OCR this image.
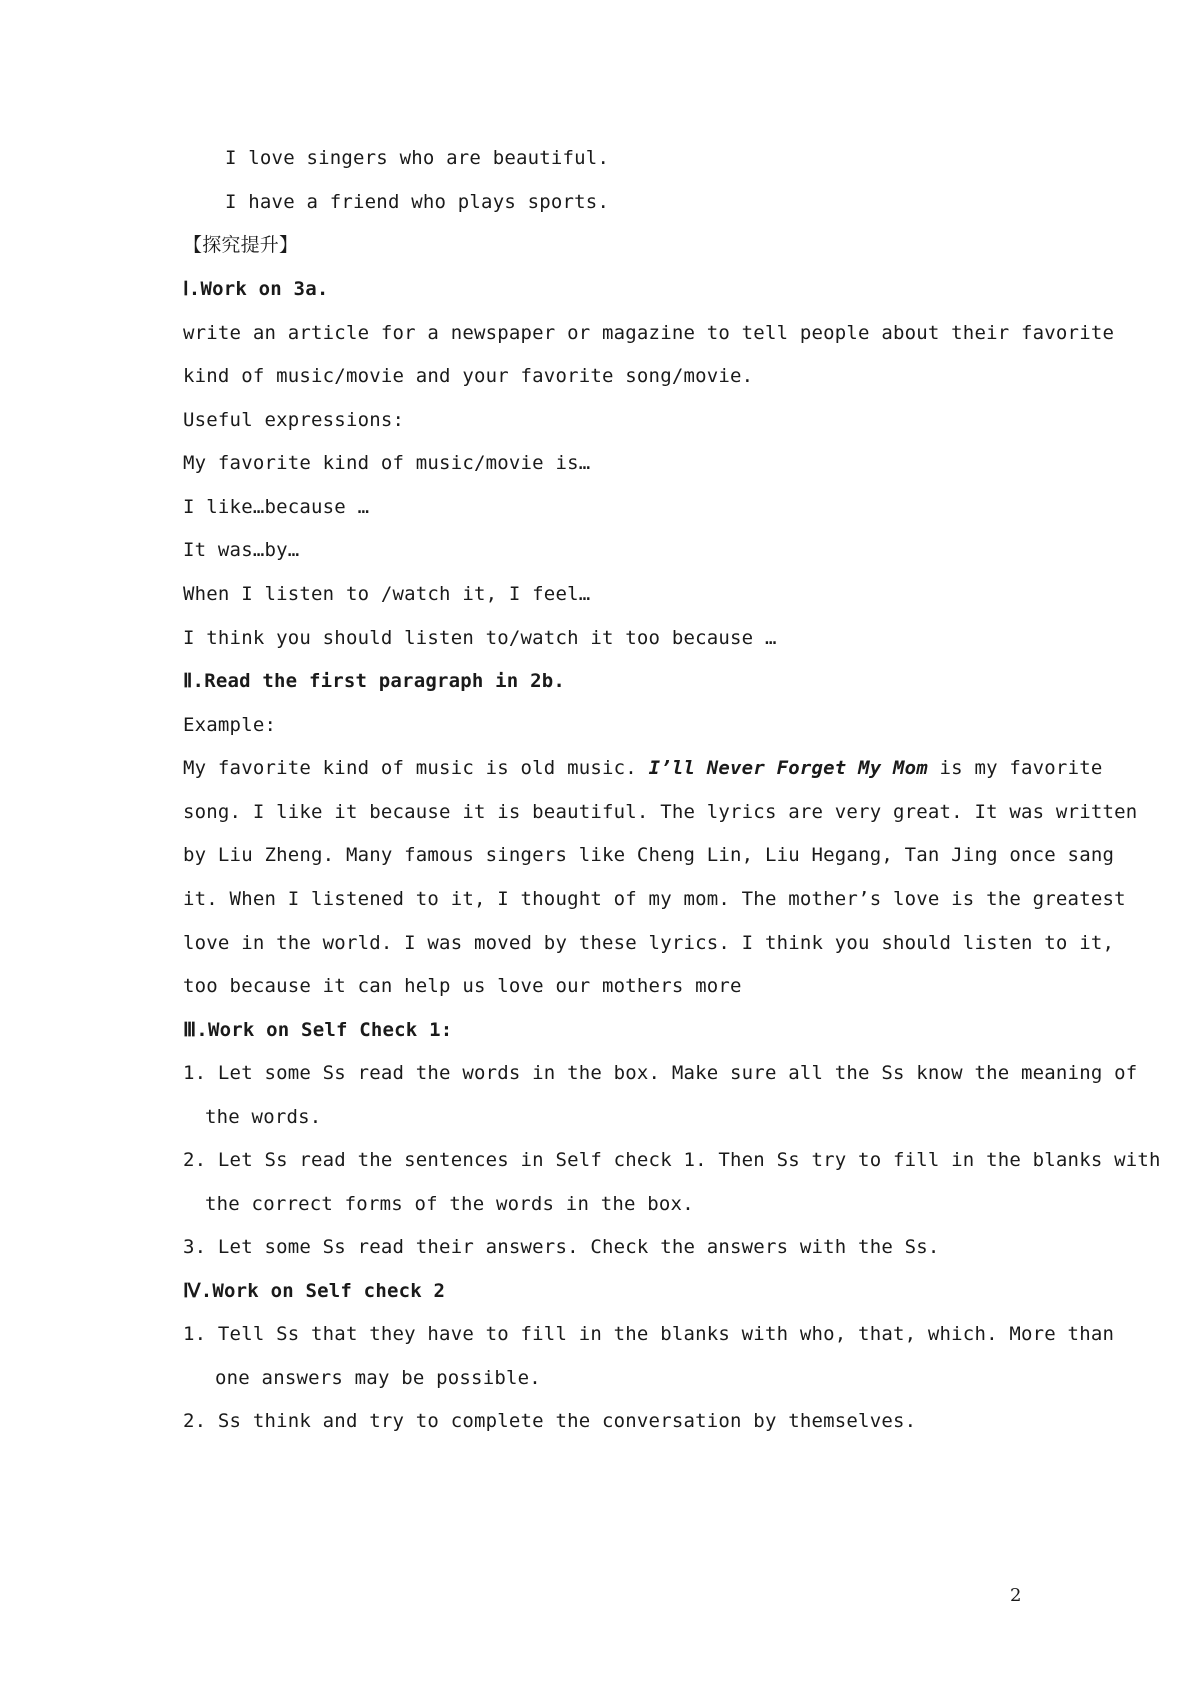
I love singers who are beautiful.
I have a friend who plays sports.
【探究提升】
Ⅰ.Work on 3a.
write an article for a newspaper or magazine to tell people about their favorite
kind of music/movie and your favorite song/movie.
Useful expressions:
My favorite kind of music/movie is…
I like…because …
It was…by…
When I listen to /watch it, I feel…
I think you should listen to/watch it too because …
Ⅱ.Read the first paragraph in 2b.
Example:
My favorite kind of music is old music. I’ll Never Forget My Mom is my favorite
song. I like it because it is beautiful. The lyrics are very great. It was written
by Liu Zheng. Many famous singers like Cheng Lin, Liu Hegang, Tan Jing once sang
it. When I listened to it, I thought of my mom. The mother’s love is the greatest
love in the world. I was moved by these lyrics. I think you should listen to it,
too because it can help us love our mothers more
Ⅲ.Work on Self Check 1:
1. Let some Ss read the words in the box. Make sure all the Ss know the meaning of
the words.
2. Let Ss read the sentences in Self check 1. Then Ss try to fill in the blanks with
the correct forms of the words in the box.
3. Let some Ss read their answers. Check the answers with the Ss.
Ⅳ.Work on Self check 2
1. Tell Ss that they have to fill in the blanks with who, that, which. More than
one answers may be possible.
2. Ss think and try to complete the conversation by themselves.
2
